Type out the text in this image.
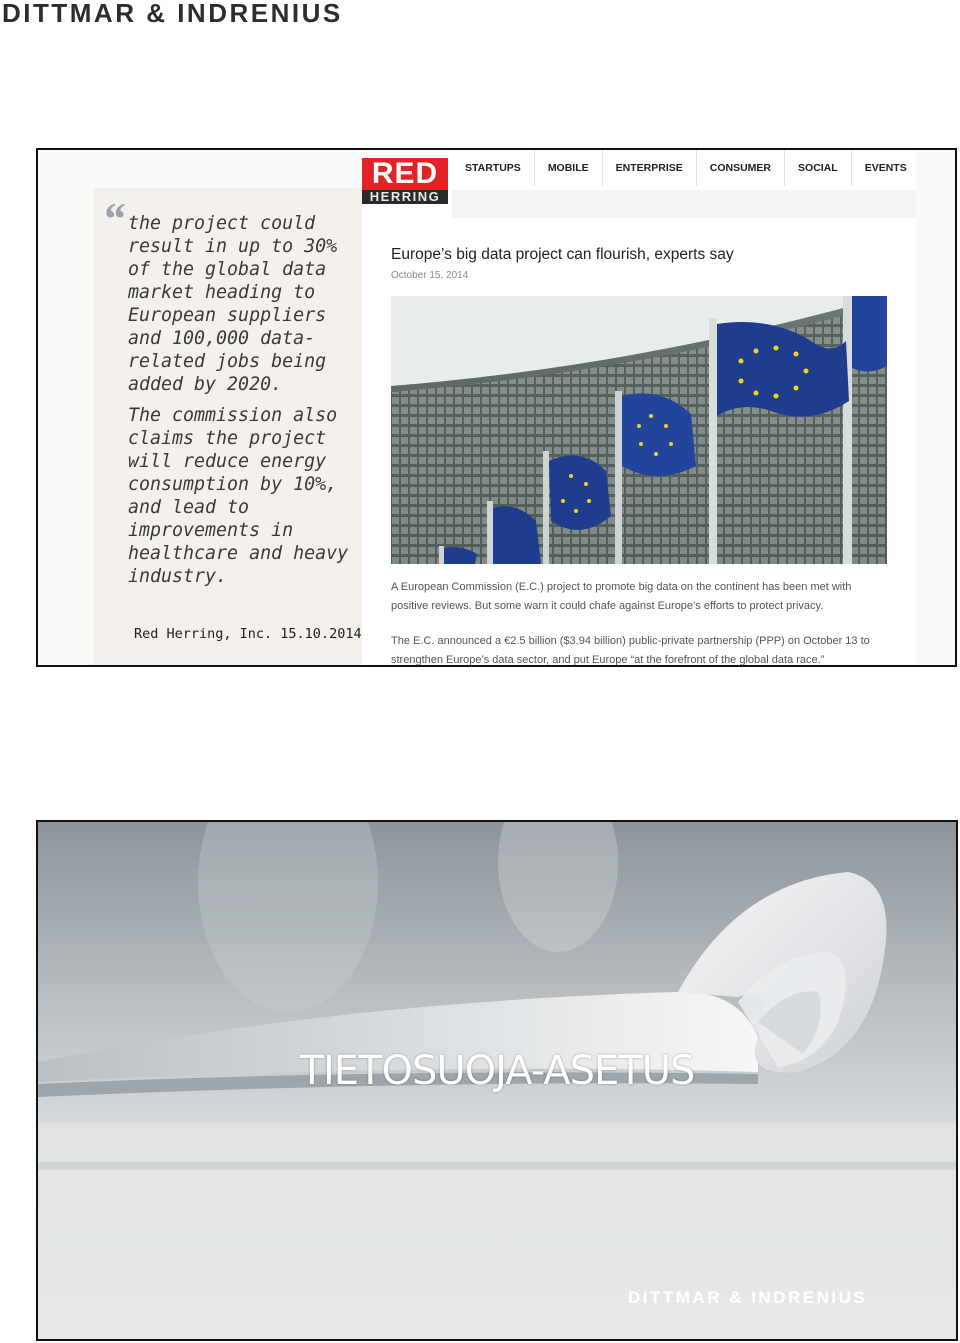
DITTMAR & INDRENIUS
“ the project could result in up to 30% of the global data market heading to European suppliers and 100,000 data-related jobs being added by 2020.

The commission also claims the project will reduce energy consumption by 10%, and lead to improvements in healthcare and heavy industry.

Red Herring, Inc. 15.10.2014
RED
HERRING
STARTUPS	MOBILE	ENTERPRISE	CONSUMER	SOCIAL	EVENTS
Europe’s big data project can flourish, experts say
October 15, 2014
A European Commission (E.C.) project to promote big data on the continent has been met with positive reviews. But some warn it could chafe against Europe’s efforts to protect privacy.
The E.C. announced a €2.5 billion ($3.94 billion) public-private partnership (PPP) on October 13 to strengthen Europe’s data sector, and put Europe “at the forefront of the global data race.”
TIETOSUOJA-ASETUS
DITTMAR & INDRENIUS
